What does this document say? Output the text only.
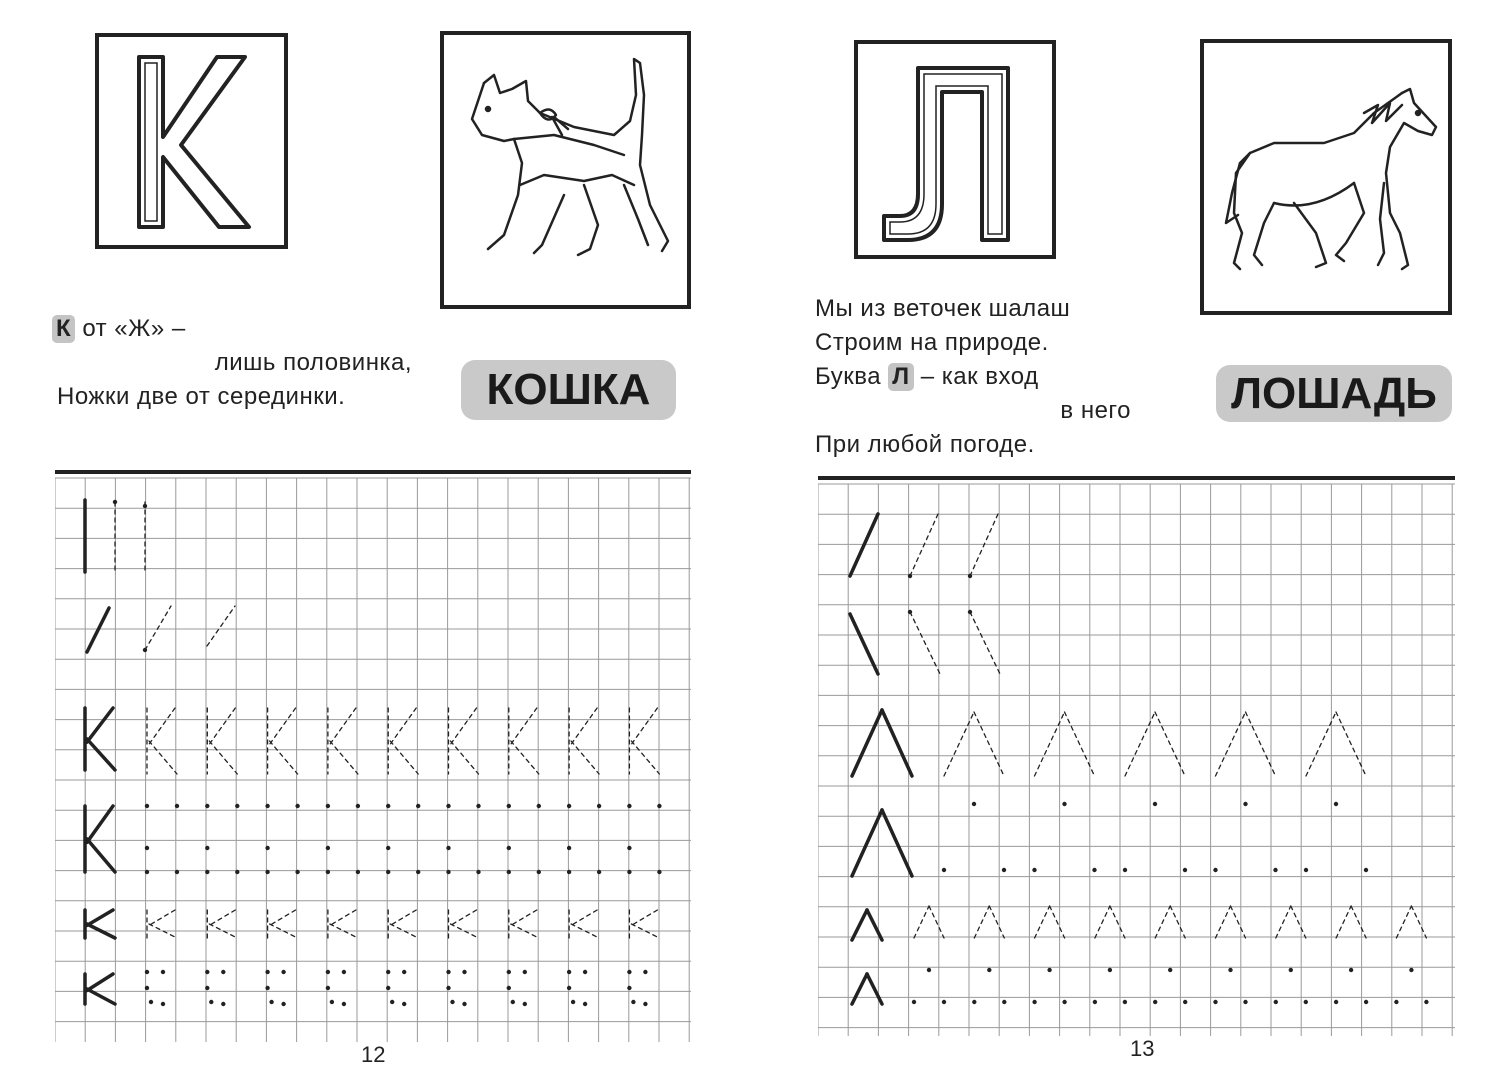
К от «Ж» –
лишь половинка,
Ножки две от серединки.	КОШКА
12
Мы из веточек шалаш
Строим на природе.
Буква Л – как вход
в него
При любой погоде.
ЛОШАДЬ
13
